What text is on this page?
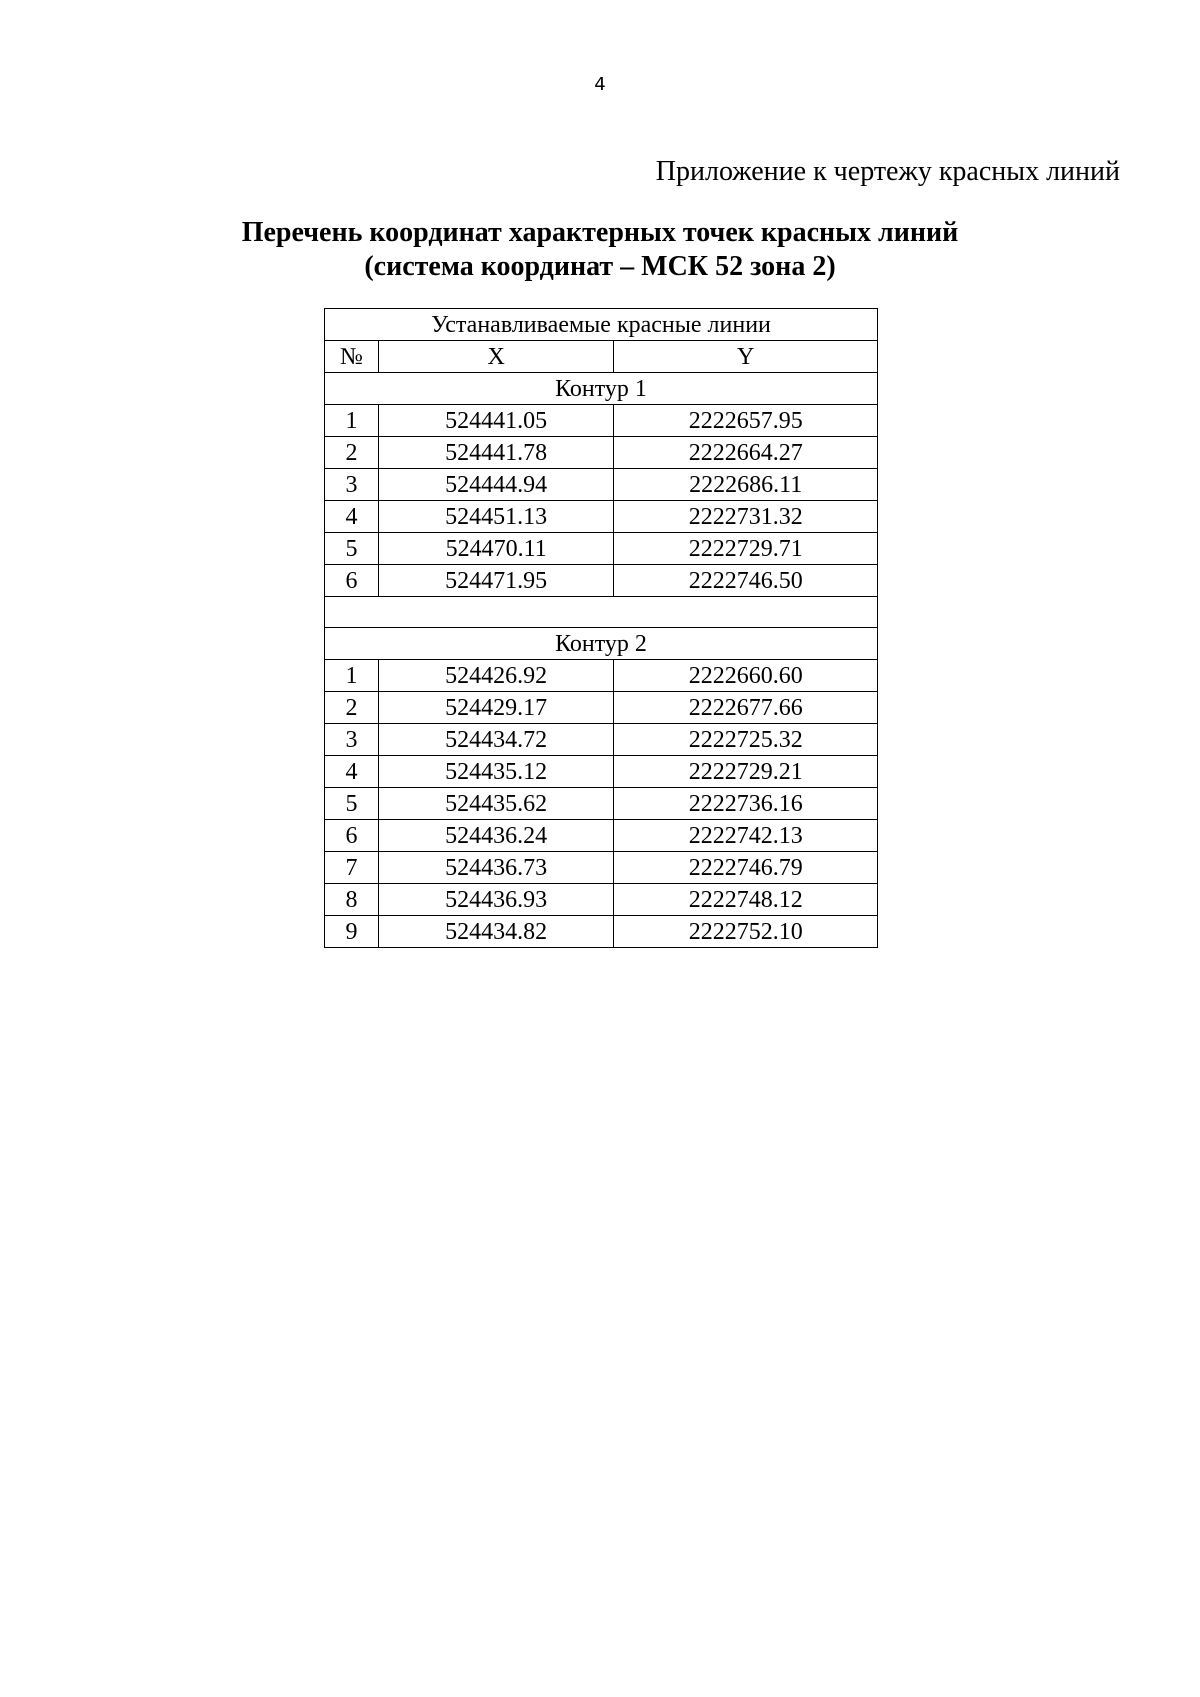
4
Приложение к чертежу красных линий
Перечень координат характерных точек красных линий
(система координат – МСК 52 зона 2)
Устанавливаемые красные линии		
№	X	Y
Контур 1		
1	524441.05	2222657.95
2	524441.78	2222664.27
3	524444.94	2222686.11
4	524451.13	2222731.32
5	524470.11	2222729.71
6	524471.95	2222746.50

Контур 2		
1	524426.92	2222660.60
2	524429.17	2222677.66
3	524434.72	2222725.32
4	524435.12	2222729.21
5	524435.62	2222736.16
6	524436.24	2222742.13
7	524436.73	2222746.79
8	524436.93	2222748.12
9	524434.82	2222752.10
